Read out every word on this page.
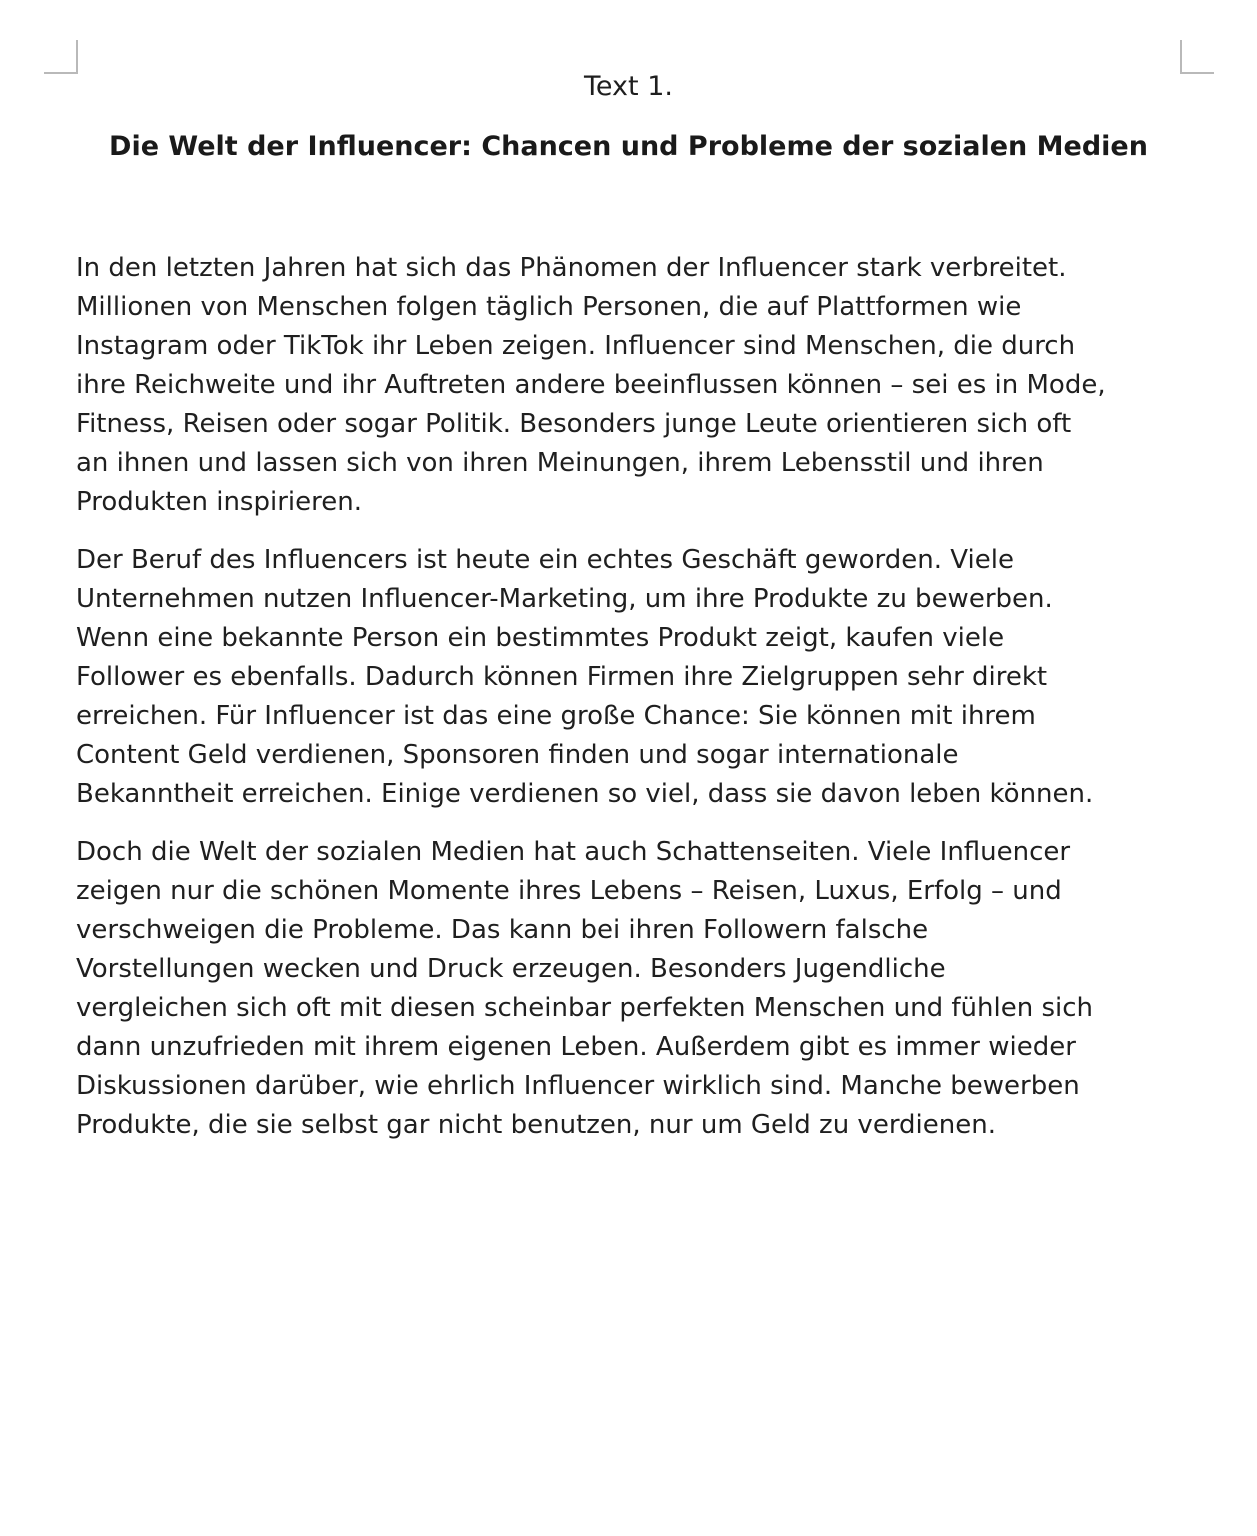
Text 1.
Die Welt der Influencer: Chancen und Probleme der sozialen Medien

In den letzten Jahren hat sich das Phänomen der Influencer stark verbreitet.
Millionen von Menschen folgen täglich Personen, die auf Plattformen wie
Instagram oder TikTok ihr Leben zeigen. Influencer sind Menschen, die durch
ihre Reichweite und ihr Auftreten andere beeinflussen können – sei es in Mode,
Fitness, Reisen oder sogar Politik. Besonders junge Leute orientieren sich oft
an ihnen und lassen sich von ihren Meinungen, ihrem Lebensstil und ihren
Produkten inspirieren.

Der Beruf des Influencers ist heute ein echtes Geschäft geworden. Viele
Unternehmen nutzen Influencer-Marketing, um ihre Produkte zu bewerben.
Wenn eine bekannte Person ein bestimmtes Produkt zeigt, kaufen viele
Follower es ebenfalls. Dadurch können Firmen ihre Zielgruppen sehr direkt
erreichen. Für Influencer ist das eine große Chance: Sie können mit ihrem
Content Geld verdienen, Sponsoren finden und sogar internationale
Bekanntheit erreichen. Einige verdienen so viel, dass sie davon leben können.

Doch die Welt der sozialen Medien hat auch Schattenseiten. Viele Influencer
zeigen nur die schönen Momente ihres Lebens – Reisen, Luxus, Erfolg – und
verschweigen die Probleme. Das kann bei ihren Followern falsche
Vorstellungen wecken und Druck erzeugen. Besonders Jugendliche
vergleichen sich oft mit diesen scheinbar perfekten Menschen und fühlen sich
dann unzufrieden mit ihrem eigenen Leben. Außerdem gibt es immer wieder
Diskussionen darüber, wie ehrlich Influencer wirklich sind. Manche bewerben
Produkte, die sie selbst gar nicht benutzen, nur um Geld zu verdienen.
